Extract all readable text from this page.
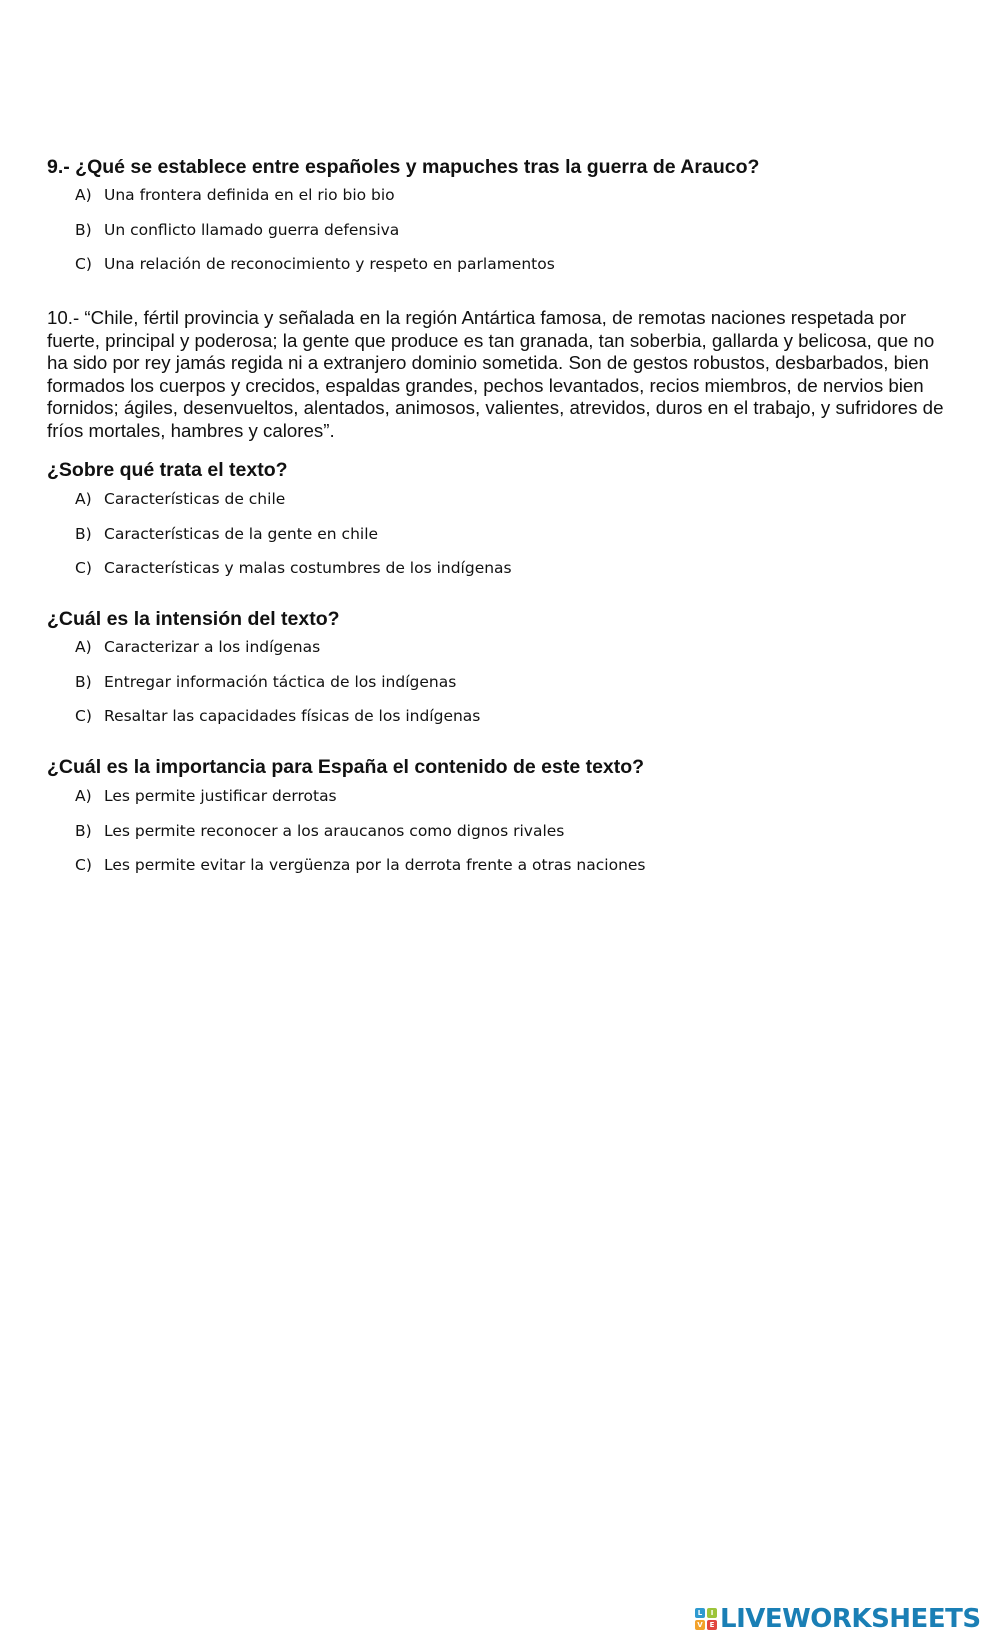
9.- ¿Qué se establece entre españoles y mapuches tras la guerra de Arauco?
A) Una frontera definida en el rio bio bio
B) Un conflicto llamado guerra defensiva
C) Una relación de reconocimiento y respeto en parlamentos

10.- “Chile, fértil provincia y señalada en la región Antártica famosa, de remotas naciones respetada por fuerte, principal y poderosa; la gente que produce es tan granada, tan soberbia, gallarda y belicosa, que no ha sido por rey jamás regida ni a extranjero dominio sometida. Son de gestos robustos, desbarbados, bien formados los cuerpos y crecidos, espaldas grandes, pechos levantados, recios miembros, de nervios bien fornidos; ágiles, desenvueltos, alentados, animosos, valientes, atrevidos, duros en el trabajo, y sufridores de fríos mortales, hambres y calores”.

¿Sobre qué trata el texto?
A) Características de chile
B) Características de la gente en chile
C) Características y malas costumbres de los indígenas
¿Cuál es la intensión del texto?
A) Caracterizar a los indígenas
B) Entregar información táctica de los indígenas
C) Resaltar las capacidades físicas de los indígenas
¿Cuál es la importancia para España el contenido de este texto?
A) Les permite justificar derrotas
B) Les permite reconocer a los araucanos como dignos rivales
C) Les permite evitar la vergüenza por la derrota frente a otras naciones
L	I
V E LIVEWORKSHEETS
